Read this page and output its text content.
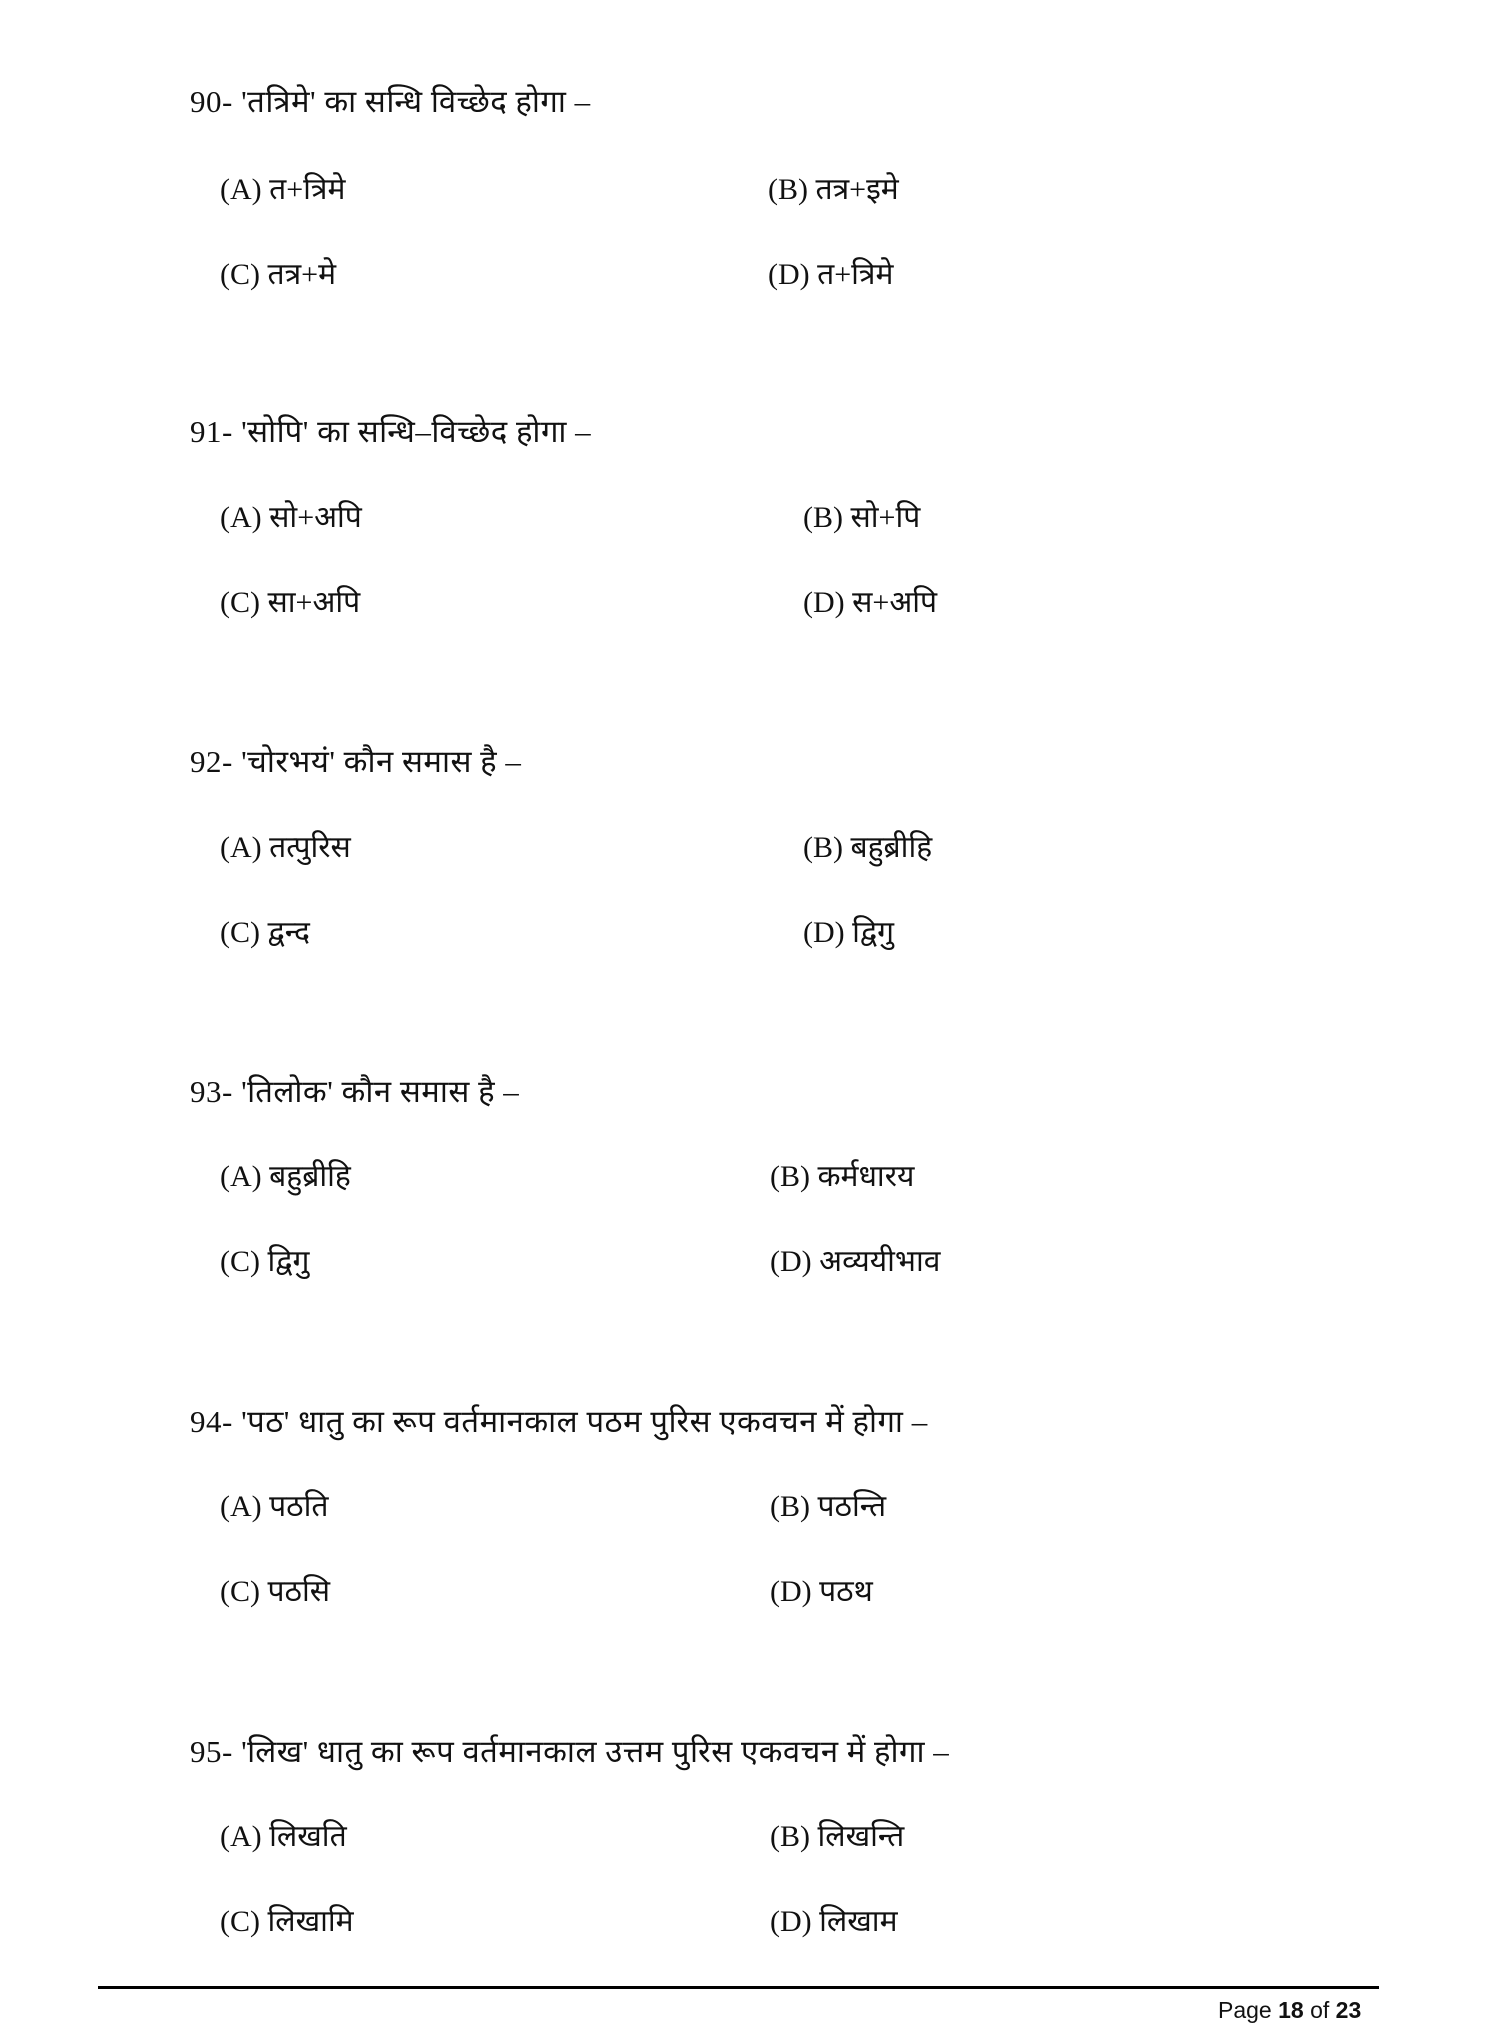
90- 'तत्रिमे' का सन्धि विच्छेद होगा –
(A) त+त्रिमे	(B) तत्र+इमे
(C) तत्र+मे	(D) त+त्रिमे
91- 'सोपि' का सन्धि–विच्छेद होगा –
(A) सो+अपि	(B) सो+पि
(C) सा+अपि	(D) स+अपि
92- 'चोरभयं' कौन समास है –
(A) तत्पुरिस	(B) बहुब्रीहि
(C) द्वन्द	(D) द्विगु
93- 'तिलोक' कौन समास है –
(A) बहुब्रीहि	(B) कर्मधारय
(C) द्विगु	(D) अव्ययीभाव
94- 'पठ' धातु का रूप वर्तमानकाल पठम पुरिस एकवचन में होगा –
(A) पठति	(B) पठन्ति
(C) पठसि	(D) पठथ
95- 'लिख' धातु का रूप वर्तमानकाल उत्तम पुरिस एकवचन में होगा –
(A) लिखति	(B) लिखन्ति
(C) लिखामि	(D) लिखाम
Page 18 of 23
